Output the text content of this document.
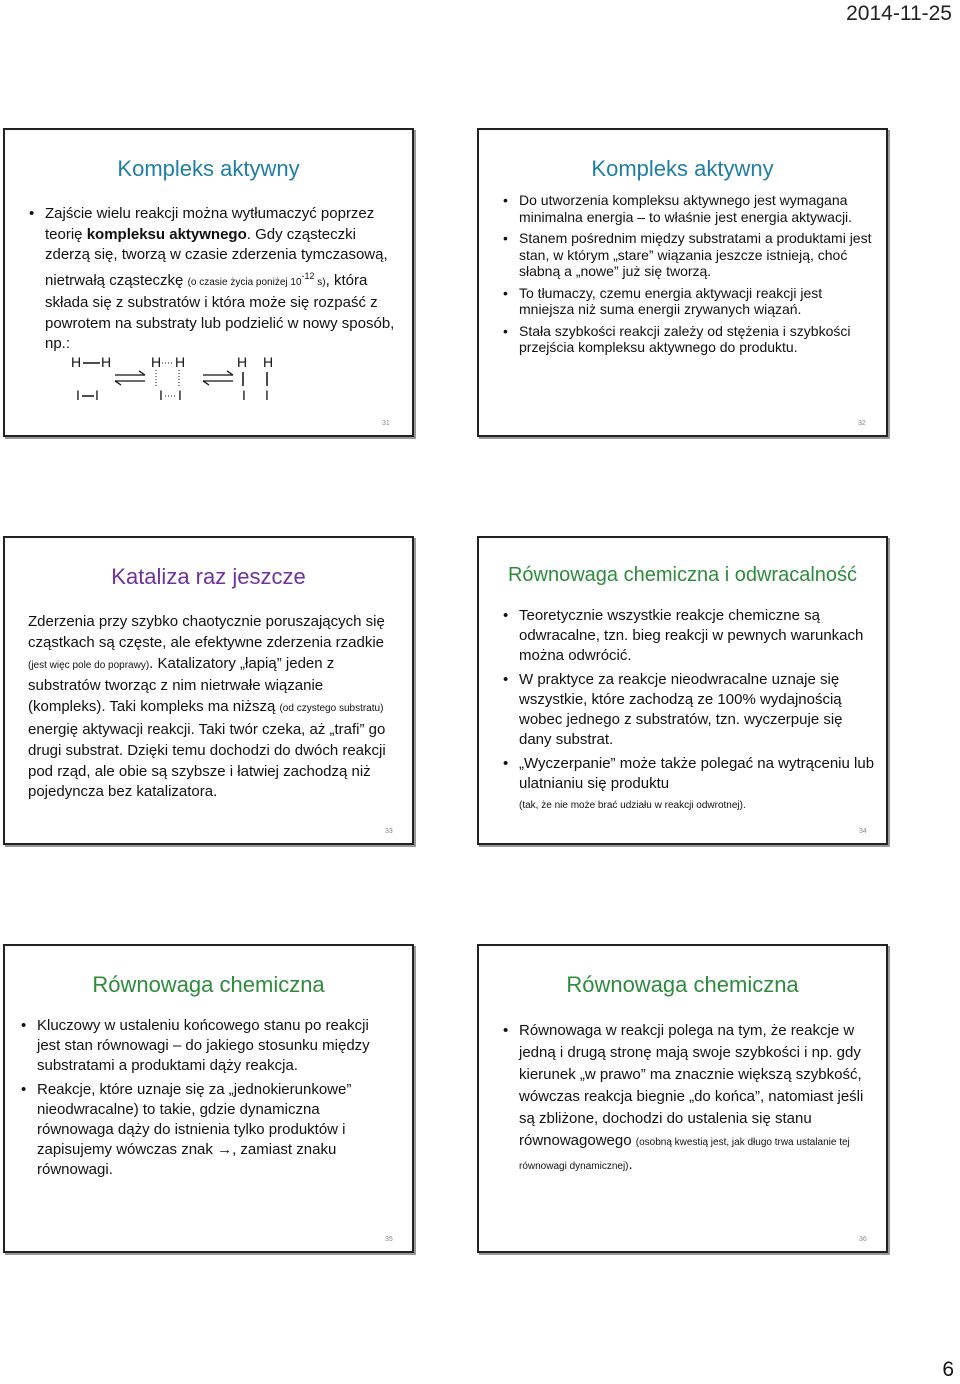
2014-11-25
Kompleks aktywny
• Zajście wielu reakcji można wytłumaczyć poprzez teorię kompleksu aktywnego. Gdy cząsteczki zderzą się, tworzą w czasie zderzenia tymczasową, nietrwałą cząsteczkę (o czasie życia poniżej $10^{-12}$ s), która składa się z substratów i która może się rozpaść z powrotem na substraty lub podzielić w nowy sposób, np.:
H H	H H	H H
I I	I I	I I
31
Kompleks aktywny
• Do utworzenia kompleksu aktywnego jest wymagana minimalna energia – to właśnie jest energia aktywacji.
• Stanem pośrednim między substratami a produktami jest stan, w którym „stare” wiązania jeszcze istnieją, choć słabną a „nowe” już się tworzą.
• To tłumaczy, czemu energia aktywacji reakcji jest mniejsza niż suma energii zrywanych wiązań.
• Stała szybkości reakcji zależy od stężenia i szybkości przejścia kompleksu aktywnego do produktu.
32
Kataliza raz jeszcze
Zderzenia przy szybko chaotycznie poruszających się cząstkach są częste, ale efektywne zderzenia rzadkie (jest więc pole do poprawy). Katalizatory „łapią” jeden z substratów tworząc z nim nietrwałe wiązanie (kompleks). Taki kompleks ma niższą (od czystego substratu) energię aktywacji reakcji. Taki twór czeka, aż „trafi” go drugi substrat. Dzięki temu dochodzi do dwóch reakcji pod rząd, ale obie są szybsze i łatwiej zachodzą niż pojedyncza bez katalizatora.
33
Równowaga chemiczna i odwracalność
• Teoretycznie wszystkie reakcje chemiczne są odwracalne, tzn. bieg reakcji w pewnych warunkach można odwrócić.
• W praktyce za reakcje nieodwracalne uznaje się wszystkie, które zachodzą ze 100% wydajnością wobec jednego z substratów, tzn. wyczerpuje się dany substrat.
• „Wyczerpanie” może także polegać na wytrąceniu lub ulatnianiu się produktu
(tak, że nie może brać udziału w reakcji odwrotnej).
34
Równowaga chemiczna
• Kluczowy w ustaleniu końcowego stanu po reakcji jest stan równowagi – do jakiego stosunku między substratami a produktami dąży reakcja.
• Reakcje, które uznaje się za „jednokierunkowe” nieodwracalne) to takie, gdzie dynamiczna równowaga dąży do istnienia tylko produktów i zapisujemy wówczas znak →, zamiast znaku równowagi.
35
Równowaga chemiczna
• Równowaga w reakcji polega na tym, że reakcje w jedną i drugą stronę mają swoje szybkości i np. gdy kierunek „w prawo” ma znacznie większą szybkość, wówczas reakcja biegnie „do końca”, natomiast jeśli są zbliżone, dochodzi do ustalenia się stanu równowagowego (osobną kwestią jest, jak długo trwa ustalanie tej równowagi dynamicznej).
36
6
